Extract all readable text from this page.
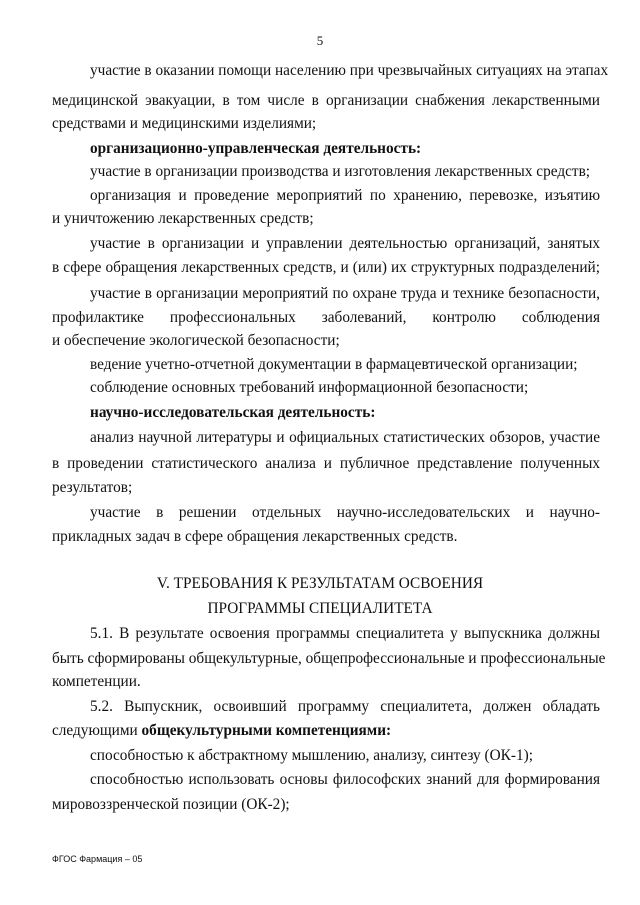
5
участие в оказании помощи населению при чрезвычайных ситуациях на этапах
медицинской эвакуации, в том числе в организации снабжения лекарственными
средствами и медицинскими изделиями;
организационно-управленческая деятельность:
участие в организации производства и изготовления лекарственных средств;
организация и проведение мероприятий по хранению, перевозке, изъятию
и уничтожению лекарственных средств;
участие в организации и управлении деятельностью организаций, занятых
в сфере обращения лекарственных средств, и (или) их структурных подразделений;
участие в организации мероприятий по охране труда и технике безопасности,
профилактике профессиональных заболеваний, контролю соблюдения
и обеспечение экологической безопасности;
ведение учетно-отчетной документации в фармацевтической организации;
соблюдение основных требований информационной безопасности;
научно-исследовательская деятельность:
анализ научной литературы и официальных статистических обзоров, участие
в проведении статистического анализа и публичное представление полученных
результатов;
участие в решении отдельных научно-исследовательских и научно-
прикладных задач в сфере обращения лекарственных средств.
V. ТРЕБОВАНИЯ К РЕЗУЛЬТАТАМ ОСВОЕНИЯ
ПРОГРАММЫ СПЕЦИАЛИТЕТА
5.1. В результате освоения программы специалитета у выпускника должны
быть сформированы общекультурные, общепрофессиональные и профессиональные
компетенции.
5.2. Выпускник, освоивший программу специалитета, должен обладать
следующими общекультурными компетенциями:
способностью к абстрактному мышлению, анализу, синтезу (ОК-1);
способностью использовать основы философских знаний для формирования
мировоззренческой позиции (ОК-2);
ФГОС Фармация – 05
